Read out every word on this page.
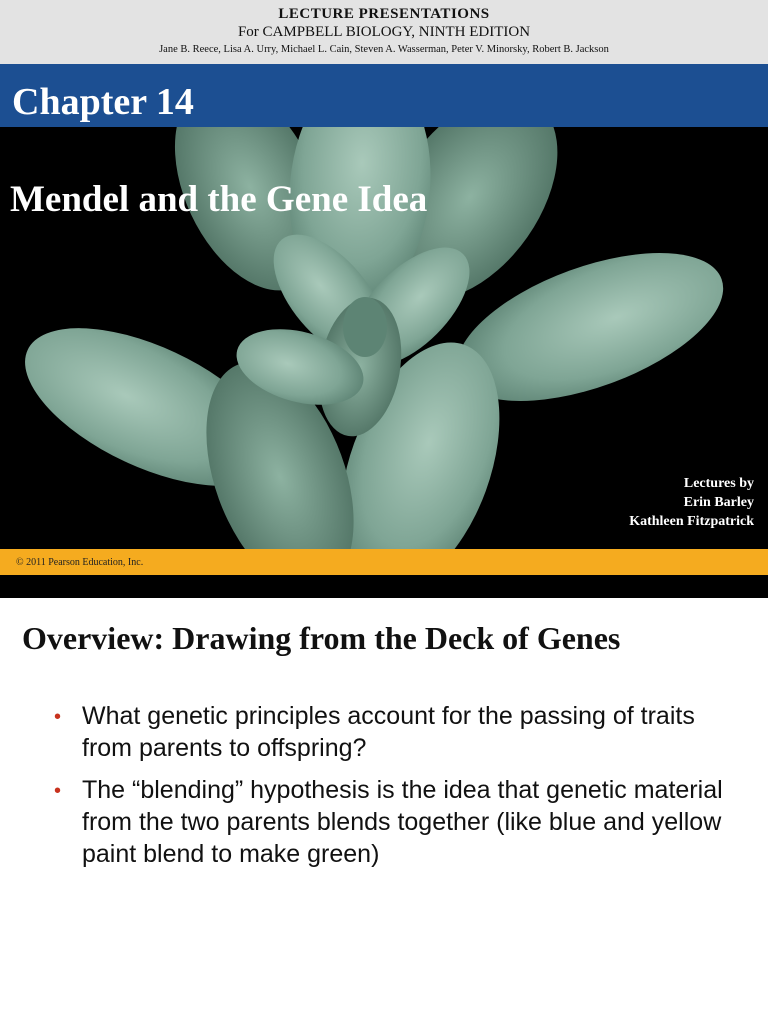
LECTURE PRESENTATIONS
For CAMPBELL BIOLOGY, NINTH EDITION
Jane B. Reece, Lisa A. Urry, Michael L. Cain, Steven A. Wasserman, Peter V. Minorsky, Robert B. Jackson
Chapter 14
Mendel and the Gene Idea
Lectures by
Erin Barley
Kathleen Fitzpatrick
© 2011 Pearson Education, Inc.
Overview: Drawing from the Deck of Genes
• What genetic principles account for the passing of traits from parents to offspring?
• The “blending” hypothesis is the idea that genetic material from the two parents blends together (like blue and yellow paint blend to make green)
